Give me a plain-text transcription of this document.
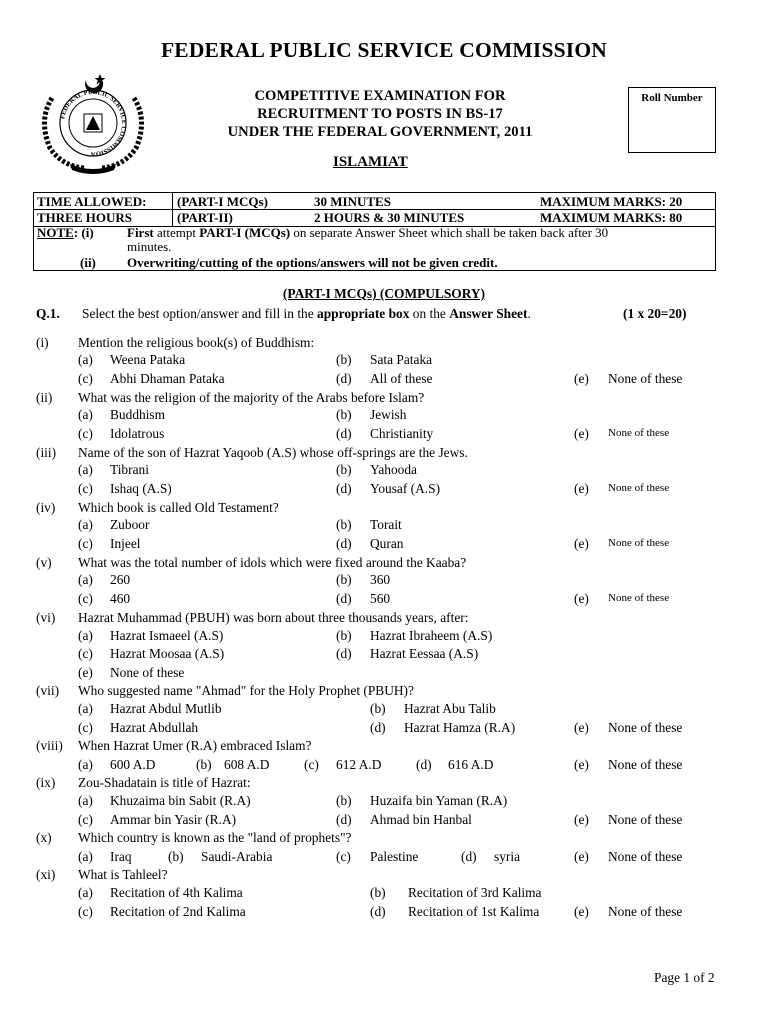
FEDERAL PUBLIC SERVICE COMMISSION
FEDERAL PUBLIC SERVICE COMMISSION
COMPETITIVE EXAMINATION FOR
RECRUITMENT TO POSTS IN BS-17
UNDER THE FEDERAL GOVERNMENT, 2011
ISLAMIAT
Roll Number
TIME ALLOWED: (PART-I MCQs)	30 MINUTES	MAXIMUM MARKS: 20
THREE HOURS	(PART-II)	2 HOURS & 30 MINUTES	MAXIMUM MARKS: 80
NOTE: (i)	First attempt PART-I (MCQs) on separate Answer Sheet which shall be taken back after 30
minutes.
(ii) Overwriting/cutting of the options/answers will not be given credit.
(PART-I MCQs) (COMPULSORY)
Q.1. Select the best option/answer and fill in the appropriate box on the Answer Sheet.	(1 x 20=20)
(i) Mention the religious book(s) of Buddhism:
(a) Weena Pataka	(b) Sata Pataka
(c) Abhi Dhaman Pataka	(d) All of these	(e) None of these
(ii) What was the religion of the majority of the Arabs before Islam?
(a) Buddhism	(b) Jewish
(c) Idolatrous	(d) Christianity	(e) None of these
(iii) Name of the son of Hazrat Yaqoob (A.S) whose off-springs are the Jews.
(a) Tibrani	(b) Yahooda
(c) Ishaq (A.S)	(d) Yousaf (A.S)	(e) None of these
(iv) Which book is called Old Testament?
(a) Zuboor	(b) Torait
(c) Injeel	(d) Quran	(e) None of these
(v) What was the total number of idols which were fixed around the Kaaba?
(a) 260	(b) 360
(c) 460	(d) 560	(e) None of these
(vi) Hazrat Muhammad (PBUH) was born about three thousands years, after:
(a) Hazrat Ismaeel (A.S)	(b) Hazrat Ibraheem (A.S)
(c) Hazrat Moosaa (A.S)	(d) Hazrat Eessaa (A.S)
(e) None of these
(vii) Who suggested name "Ahmad" for the Holy Prophet (PBUH)?
(a) Hazrat Abdul Mutlib	(b) Hazrat Abu Talib
(c) Hazrat Abdullah	(d) Hazrat Hamza (R.A)	(e) None of these
(viii) When Hazrat Umer (R.A) embraced Islam?
(a) 600 A.D	(b) 608 A.D	(c) 612 A.D	(d) 616 A.D	(e) None of these
(ix) Zou-Shadatain is title of Hazrat:
(a) Khuzaima bin Sabit (R.A)	(b) Huzaifa bin Yaman (R.A)
(c) Ammar bin Yasir (R.A)	(d) Ahmad bin Hanbal	(e) None of these
(x) Which country is known as the "land of prophets"?
(a) Iraq	(b) Saudi-Arabia	(c) Palestine	(d) syria	(e) None of these
(xi) What is Tahleel?
(a) Recitation of 4th Kalima	(b) Recitation of 3rd Kalima
(c) Recitation of 2nd Kalima	(d) Recitation of 1st Kalima	(e) None of these
Page 1 of 2
